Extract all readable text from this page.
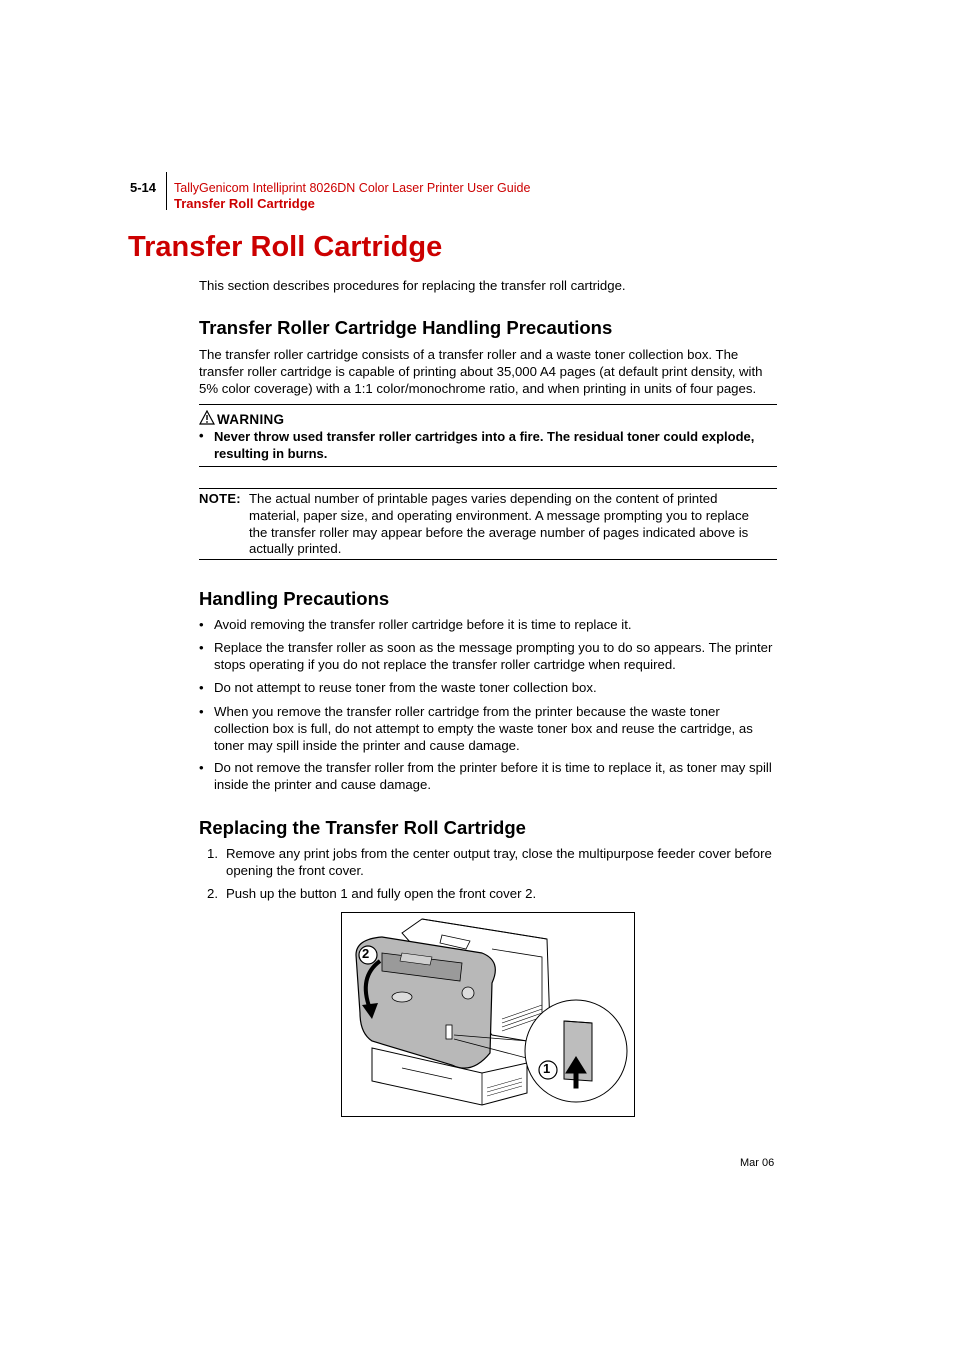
5-14 TallyGenicom Intelliprint 8026DN Color Laser Printer User Guide
Transfer Roll Cartridge
Transfer Roll Cartridge
This section describes procedures for replacing the transfer roll cartridge.
Transfer Roller Cartridge Handling Precautions
The transfer roller cartridge consists of a transfer roller and a waste toner collection box. The transfer roller cartridge is capable of printing about 35,000 A4 pages (at default print density, with 5% color coverage) with a 1:1 color/monochrome ratio, and when printing in units of four pages.
WARNING
• Never throw used transfer roller cartridges into a fire. The residual toner could explode, resulting in burns.
NOTE: The actual number of printable pages varies depending on the content of printed material, paper size, and operating environment. A message prompting you to replace the transfer roller may appear before the average number of pages indicated above is actually printed.
Handling Precautions
• Avoid removing the transfer roller cartridge before it is time to replace it.
• Replace the transfer roller as soon as the message prompting you to do so appears. The printer stops operating if you do not replace the transfer roller cartridge when required.
• Do not attempt to reuse toner from the waste toner collection box.
• When you remove the transfer roller cartridge from the printer because the waste toner collection box is full, do not attempt to empty the waste toner box and reuse the cartridge, as toner may spill inside the printer and cause damage.
• Do not remove the transfer roller from the printer before it is time to replace it, as toner may spill inside the printer and cause damage.
Replacing the Transfer Roll Cartridge
1. Remove any print jobs from the center output tray, close the multipurpose feeder cover before opening the front cover.
2. Push up the button 1 and fully open the front cover 2.
2
1
Mar 06
